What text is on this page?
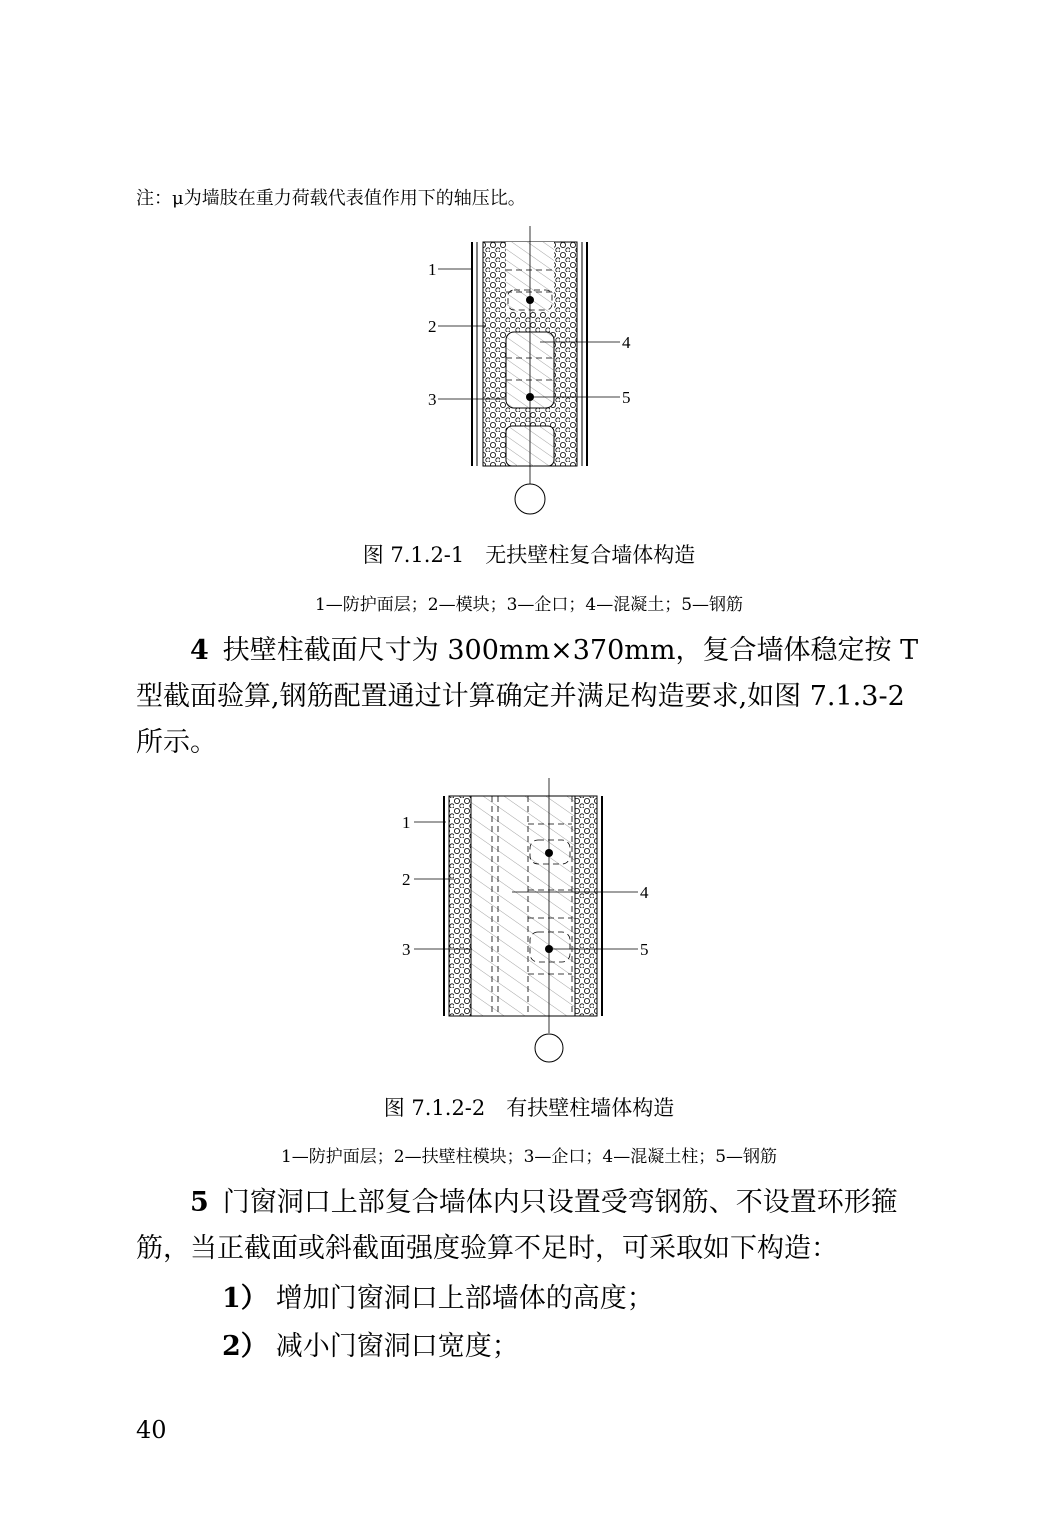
注：μ为墙肢在重力荷载代表值作用下的轴压比。
1
2
3
4
5
图 7.1.2-1　无扶壁柱复合墙体构造
1—防护面层；2—模块；3—企口；4—混凝土；5—钢筋
4 扶壁柱截面尺寸为 300mm×370mm，复合墙体稳定按 T 型截面验算,钢筋配置通过计算确定并满足构造要求,如图 7.1.3-2 所示。
1
2
3
4
5
图 7.1.2-2　有扶壁柱墙体构造
1—防护面层；2—扶壁柱模块；3—企口；4—混凝土柱；5—钢筋
5 门窗洞口上部复合墙体内只设置受弯钢筋、不设置环形箍筋，当正截面或斜截面强度验算不足时，可采取如下构造：
1） 增加门窗洞口上部墙体的高度；
2） 减小门窗洞口宽度；
40
